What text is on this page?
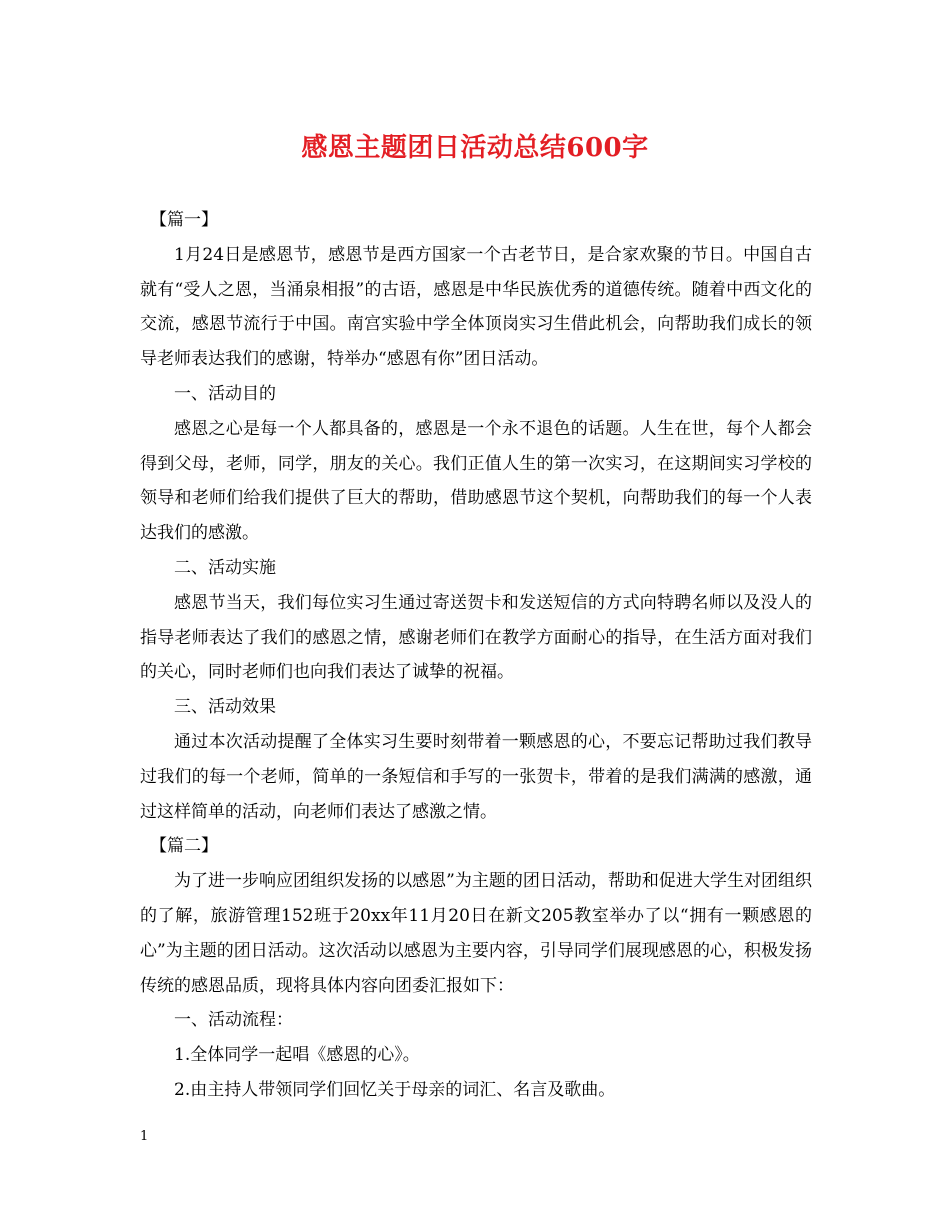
感恩主题团日活动总结600字

【篇一】

1月24日是感恩节，感恩节是西方国家一个古老节日，是合家欢聚的节日。中国自古就有“受人之恩，当涌泉相报”的古语，感恩是中华民族优秀的道德传统。随着中西文化的交流，感恩节流行于中国。南宫实验中学全体顶岗实习生借此机会，向帮助我们成长的领导老师表达我们的感谢，特举办“感恩有你”团日活动。

一、活动目的

感恩之心是每一个人都具备的，感恩是一个永不退色的话题。人生在世，每个人都会得到父母，老师，同学，朋友的关心。我们正值人生的第一次实习，在这期间实习学校的领导和老师们给我们提供了巨大的帮助，借助感恩节这个契机，向帮助我们的每一个人表达我们的感激。

二、活动实施

感恩节当天，我们每位实习生通过寄送贺卡和发送短信的方式向特聘名师以及没人的指导老师表达了我们的感恩之情，感谢老师们在教学方面耐心的指导，在生活方面对我们的关心，同时老师们也向我们表达了诚挚的祝福。

三、活动效果

通过本次活动提醒了全体实习生要时刻带着一颗感恩的心，不要忘记帮助过我们教导过我们的每一个老师，简单的一条短信和手写的一张贺卡，带着的是我们满满的感激，通过这样简单的活动，向老师们表达了感激之情。

【篇二】

为了进一步响应团组织发扬的以感恩”为主题的团日活动，帮助和促进大学生对团组织的了解，旅游管理152班于20xx年11月20日在新文205教室举办了以“拥有一颗感恩的心”为主题的团日活动。这次活动以感恩为主要内容，引导同学们展现感恩的心，积极发扬传统的感恩品质，现将具体内容向团委汇报如下：

一、活动流程：

1.全体同学一起唱《感恩的心》。

2.由主持人带领同学们回忆关于母亲的词汇、名言及歌曲。

1
